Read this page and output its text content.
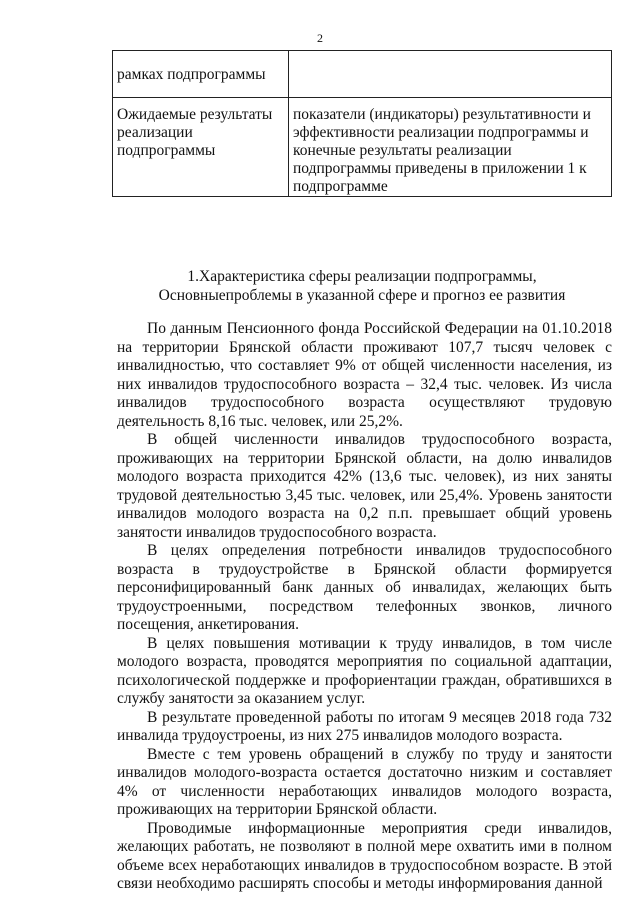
2
рамках подпрограммы	
Ожидаемые результаты реализации подпрограммы	показатели (индикаторы) результативности и эффективности реализации подпрограммы и конечные результаты реализации подпрограммы приведены в приложении 1 к подпрограмме
1.Характеристика сферы реализации подпрограммы,
Основныепроблемы в указанной сфере и прогноз ее развития

По данным Пенсионного фонда Российской Федерации на 01.10.2018 на территории Брянской области проживают 107,7 тысяч человек с инвалидностью, что составляет 9% от общей численности населения, из них инвалидов трудоспособного возраста – 32,4 тыс. человек. Из числа инвалидов трудоспособного возраста осуществляют трудовую деятельность 8,16 тыс. человек, или 25,2%.

В общей численности инвалидов трудоспособного возраста, проживающих на территории Брянской области, на долю инвалидов молодого возраста приходится 42% (13,6 тыс. человек), из них заняты трудовой деятельностью 3,45 тыс. человек, или 25,4%. Уровень занятости инвалидов молодого возраста на 0,2 п.п. превышает общий уровень занятости инвалидов трудоспособного возраста.

В целях определения потребности инвалидов трудоспособного возраста в трудоустройстве в Брянской области формируется персонифицированный банк данных об инвалидах, желающих быть трудоустроенными, посредством телефонных звонков, личного посещения, анкетирования.

В целях повышения мотивации к труду инвалидов, в том числе молодого возраста, проводятся мероприятия по социальной адаптации, психологической поддержке и профориентации граждан, обратившихся в службу занятости за оказанием услуг.

В результате проведенной работы по итогам 9 месяцев 2018 года 732 инвалида трудоустроены, из них 275 инвалидов молодого возраста.

Вместе с тем уровень обращений в службу по труду и занятости инвалидов молодого-возраста остается достаточно низким и составляет 4% от численности неработающих инвалидов молодого возраста, проживающих на территории Брянской области.

Проводимые информационные мероприятия среди инвалидов, желающих работать, не позволяют в полной мере охватить ими в полном объеме всех неработающих инвалидов в трудоспособном возрасте. В этой связи необходимо расширять способы и методы информирования данной
